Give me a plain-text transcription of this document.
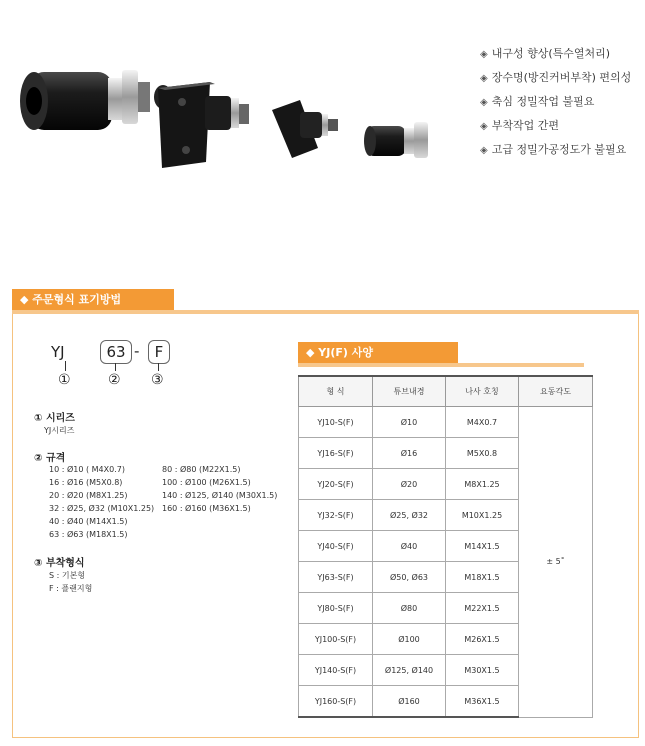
◈ 내구성 향상(특수열처리)
◈ 장수명(방진커버부착) 편의성
◈ 축심 정밀작업 불필요
◈ 부착작업 간편
◈ 고급 정밀가공정도가 불필요
◆ 주문형식 표기방법
YJ	63 -	F
①	② ③
① 시리즈
YJ시리즈
② 규격
10 : Ø10 ( M4X0.7)
16 : Ø16 (M5X0.8)
20 : Ø20 (M8X1.25)
32 : Ø25, Ø32 (M10X1.25)
40 : Ø40 (M14X1.5)
63 : Ø63 (M18X1.5)
80 : Ø80 (M22X1.5)
100 : Ø100 (M26X1.5)
140 : Ø125, Ø140 (M30X1.5)
160 : Ø160 (M36X1.5)
③ 부착형식
S : 기본형
F : 플랜지형
◆ YJ(F) 사양
형 식	튜브내경	나사 호칭	요동각도
YJ10-S(F)	Ø10	M4X0.7	± 5˚
YJ16-S(F)	Ø16	M5X0.8	
YJ20-S(F)	Ø20	M8X1.25	
YJ32-S(F)	Ø25, Ø32	M10X1.25	
YJ40-S(F)	Ø40	M14X1.5	
YJ63-S(F)	Ø50, Ø63	M18X1.5	
YJ80-S(F)	Ø80	M22X1.5	
YJ100-S(F)	Ø100	M26X1.5	
YJ140-S(F)	Ø125, Ø140	M30X1.5	
YJ160-S(F)	Ø160	M36X1.5	
